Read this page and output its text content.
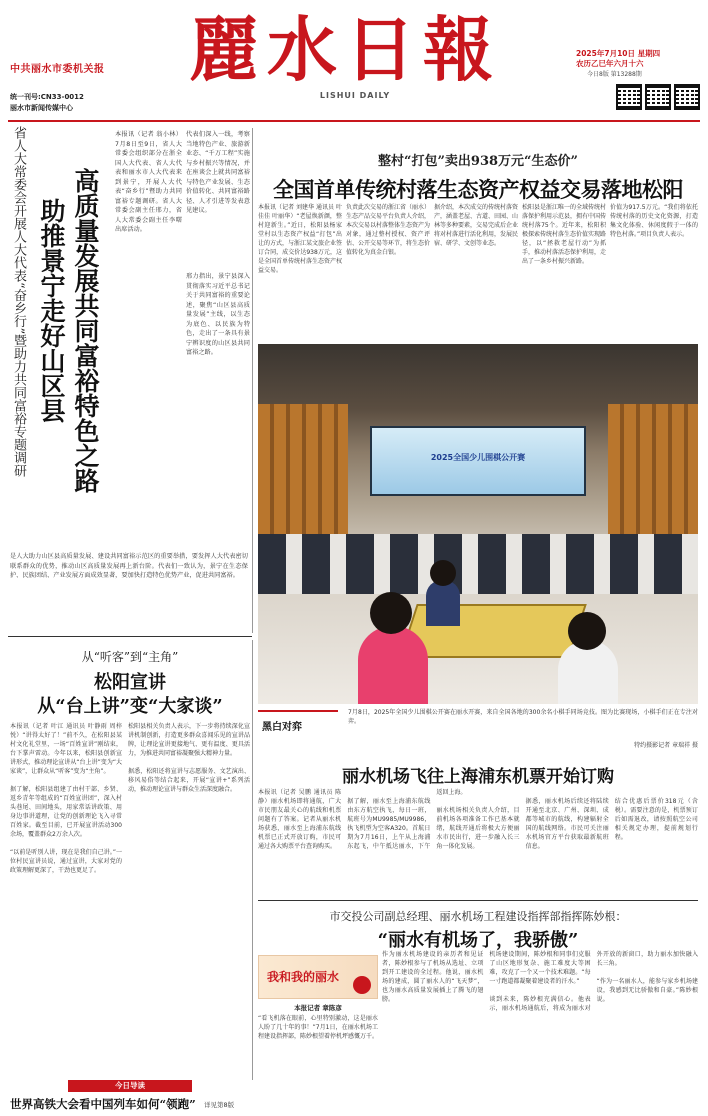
中共丽水市委机关报
统一刊号:CN33-0012
丽水市新闻传媒中心
麗水日報
LISHUI DAILY
2025年7月10日 星期四
农历乙巳年六月十六
今日8版 第13288期
省人大常委会开展人大代表“奋乡行”暨助力共同富裕专题调研 高质量发展共同富裕特色之路
助推景宁走好山区县
本报讯（记者 翁小林）7月8日至9日，省人大常委会组织部分在浙全国人大代表、省人大代表和丽水市人大代表来到景宁，开展人大代表“奋乡行”暨助力共同富裕专题调研。省人大常委会副主任邢力，省人大常委会副主任李曙出席活动。
代表们深入一线，考察当地特色产业、旅游新业态、“千万工程”实施与乡村振兴等情况，并在座谈会上就共同富裕与特色产业发展、生态价值转化、共同富裕路径、人才引进等发表意见建议。
邢力指出，景宁县深入贯彻落实习近平总书记关于共同富裕的重要论述，聚焦“山区县高质量发展”主线，以生态为底色、以民族为特色，走出了一条具有景宁辨识度的山区县共同富裕之路。
是人大助力山区县高质量发展、建设共同富裕示范区的重要举措，要发挥人大代表密切联系群众的优势，推动山区高质量发展再上新台阶。代表们一致认为，景宁在生态保护、民族团结、产业发展方面成效显著，要加快打造特色优势产业，促进共同富裕。
整村“打包”卖出938万元“生态价”
全国首单传统村落生态资产权益交易落地松阳
本报讯（记者 刘建华 通讯员 叶佳佳 叶丽华）“老屋焕新颜，整村迎新生。”近日，松阳县杨家堂村以生态资产权益“打包”出让的方式，与浙江某文旅企业签订合同，成交价达938万元，这是全国首单传统村落生态资产权益交易。
负责此次交易的浙江省（丽水）生态产品交易平台负责人介绍，本次交易以村落整体生态资产为对象，通过整村授权、资产评估、公开交易等环节，将生态价值转化为真金白银。
据介绍，本次成交的传统村落资产，涵盖老屋、古道、田园、山林等多种要素，交易完成后企业将对村落进行活化利用，发展民宿、研学、文创等业态。
松阳县是浙江唯一的全域传统村落保护利用示范县，拥有中国传统村落75个。近年来，松阳积极探索传统村落生态价值实现路径，以“拯救老屋行动”为抓手，推动村落活态保护利用，走出了一条乡村振兴新路。
价值为917.5万元。“我们将依托传统村落的历史文化资源，打造集文化体验、休闲度假于一体的特色村落。”项目负责人表示。
2025全国少儿围棋公开赛
黑白对弈
7月8日，2025年全国少儿围棋公开赛在丽水开赛，来自全国各地的300余名小棋手同场竞技。图为比赛现场，小棋手们正在专注对弈。
特约摄影记者 章瑞祥 摄
从“听客”到“主角”
松阳宣讲
从“台上讲”变“大家谈”
本报讯（记者 叶江 通讯员 叶静雨 周梓悦）“讲得太好了！”前不久，在松阳县某村文化礼堂里，一场“百姓宣讲”刚结束，台下掌声雷动。今年以来，松阳县创新宣讲形式，推动理论宣讲从“台上讲”变为“大家谈”，让群众从“听客”变为“主角”。

据了解，松阳县组建了由村干部、乡贤、返乡青年等组成的“百姓宣讲团”，深入村头巷尾、田间地头，用家常话讲政策、用身边事讲道理，让党的创新理论飞入寻常百姓家。截至目前，已开展宣讲活动300余场，覆盖群众2万余人次。

“以前是听别人讲，现在是我们自己讲。”一位村民宣讲员说，通过宣讲，大家对党的政策理解更深了，干劲也更足了。
松阳县相关负责人表示，下一步将持续深化宣讲机制创新，打造更多群众喜闻乐见的宣讲品牌，让理论宣讲更接地气、更有温度、更具活力，为推进共同富裕凝聚强大精神力量。

据悉，松阳还将宣讲与志愿服务、文艺演出、移风易俗等结合起来，开展“宣讲+”系列活动，推动理论宣讲与群众生活深度融合。
丽水机场飞往上海浦东机票开始订购
本报讯（记者 吴鹏 通讯员 陈静）丽水机场即将通航，广大市民朋友最关心的航线和机票问题有了答案。记者从丽水机场获悉，丽水至上海浦东航线机票已正式开放订购，市民可通过各大购票平台查询购买。

据了解，丽水至上海浦东航线由东方航空执飞，每日一班，航班号为MU9985/MU9986，执飞机型为空客A320。首航日期为7月16日，上午从上海浦东起飞，中午抵达丽水，下午返回上海。

丽水机场相关负责人介绍，目前机场各项准备工作已基本就绪，航线开通后将极大方便丽水市民出行，进一步融入长三角一体化发展。

据悉，丽水机场后续还将陆续开通至北京、广州、深圳、成都等城市的航线，构建辐射全国的航线网络。市民可关注丽水机场官方平台获取最新航班信息。

结合优惠后票价318元（含税）。需要注意的是，机票预订后如需退改，请按照航空公司相关规定办理，提前规划行程。
市交投公司副总经理、丽水机场工程建设指挥部指挥陈妙根：
“丽水有机场了，我骄傲”
我和我的丽水
本报记者 章陈彦
“看飞机落在眼前，心里特别激动，这是丽水人盼了几十年的事！”7月1日，在丽水机场工程建设指挥部，陈妙根望着停机坪感慨万千。
作为丽水机场建设的亲历者和见证者，陈妙根参与了机场从选址、立项到开工建设的全过程。他说，丽水机场的建成，圆了丽水人的“飞天梦”，也为丽水高质量发展插上了腾飞的翅膀。

机场建设期间，陈妙根和同事们克服了山区地形复杂、施工难度大等困难，攻克了一个又一个技术难题。“每一寸跑道都凝聚着建设者的汗水。”

谈到未来，陈妙根充满信心。他表示，丽水机场通航后，将成为丽水对外开放的新窗口，助力丽水加快融入长三角。

“作为一名丽水人，能参与家乡机场建设，我感到无比骄傲和自豪。”陈妙根说。
今日导读
世界高铁大会看中国列车如何“领跑” 详见第8版
